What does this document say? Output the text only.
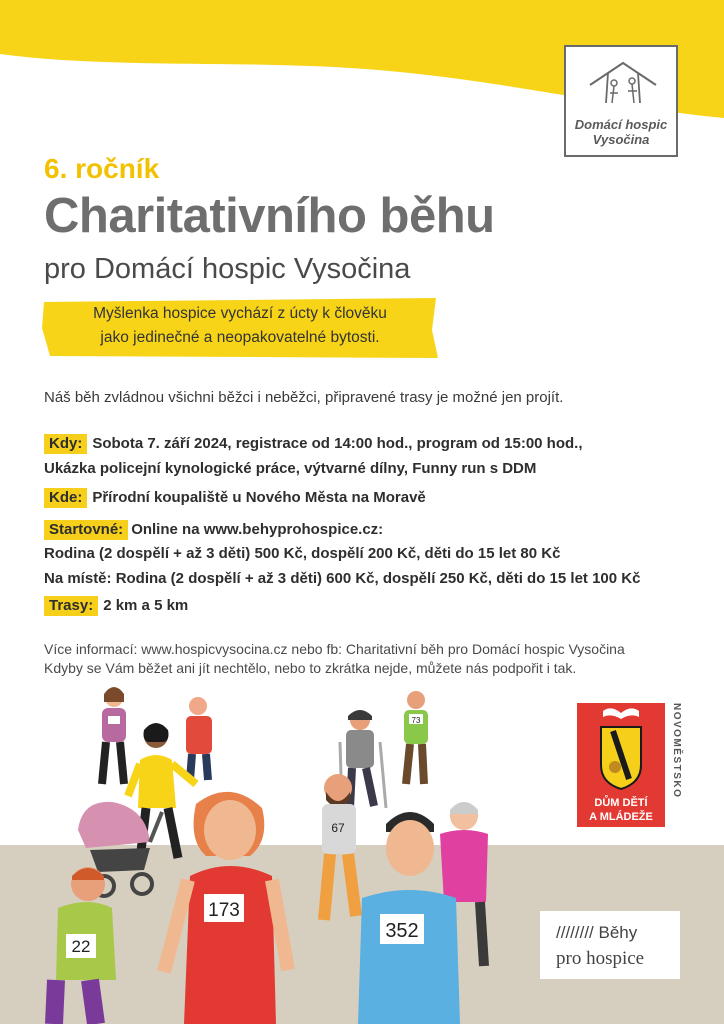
Domácí hospic
Vysočina
6. ročník
Charitativního běhu
pro Domácí hospic Vysočina
Myšlenka hospice vychází z úcty k člověku
jako jedinečné a neopakovatelné bytosti.
Náš běh zvládnou všichni běžci i neběžci, připravené trasy je možné jen projít.
Kdy: Sobota 7. září 2024, registrace od 14:00 hod., program od 15:00 hod.,
Ukázka policejní kynologické práce, výtvarné dílny, Funny run s DDM
Kde: Přírodní koupaliště u Nového Města na Moravě
Startovné: Online na www.behyprohospice.cz:
Rodina (2 dospělí + až 3 děti) 500 Kč, dospělí 200 Kč, děti do 15 let 80 Kč
Na místě: Rodina (2 dospělí + až 3 děti) 600 Kč, dospělí 250 Kč, děti do 15 let 100 Kč
Trasy: 2 km a 5 km
Více informací: www.hospicvysocina.cz nebo fb: Charitativní běh pro Domácí hospic Vysočina
Kdyby se Vám běžet ani jít nechtělo, nebo to zkrátka nejde, můžete nás podpořit i tak.
22
173
73
67
352
DŮM DĚTÍ
A MLÁDEŽE
NOVOMĚSTSKO
//////// Běhy
pro hospice
